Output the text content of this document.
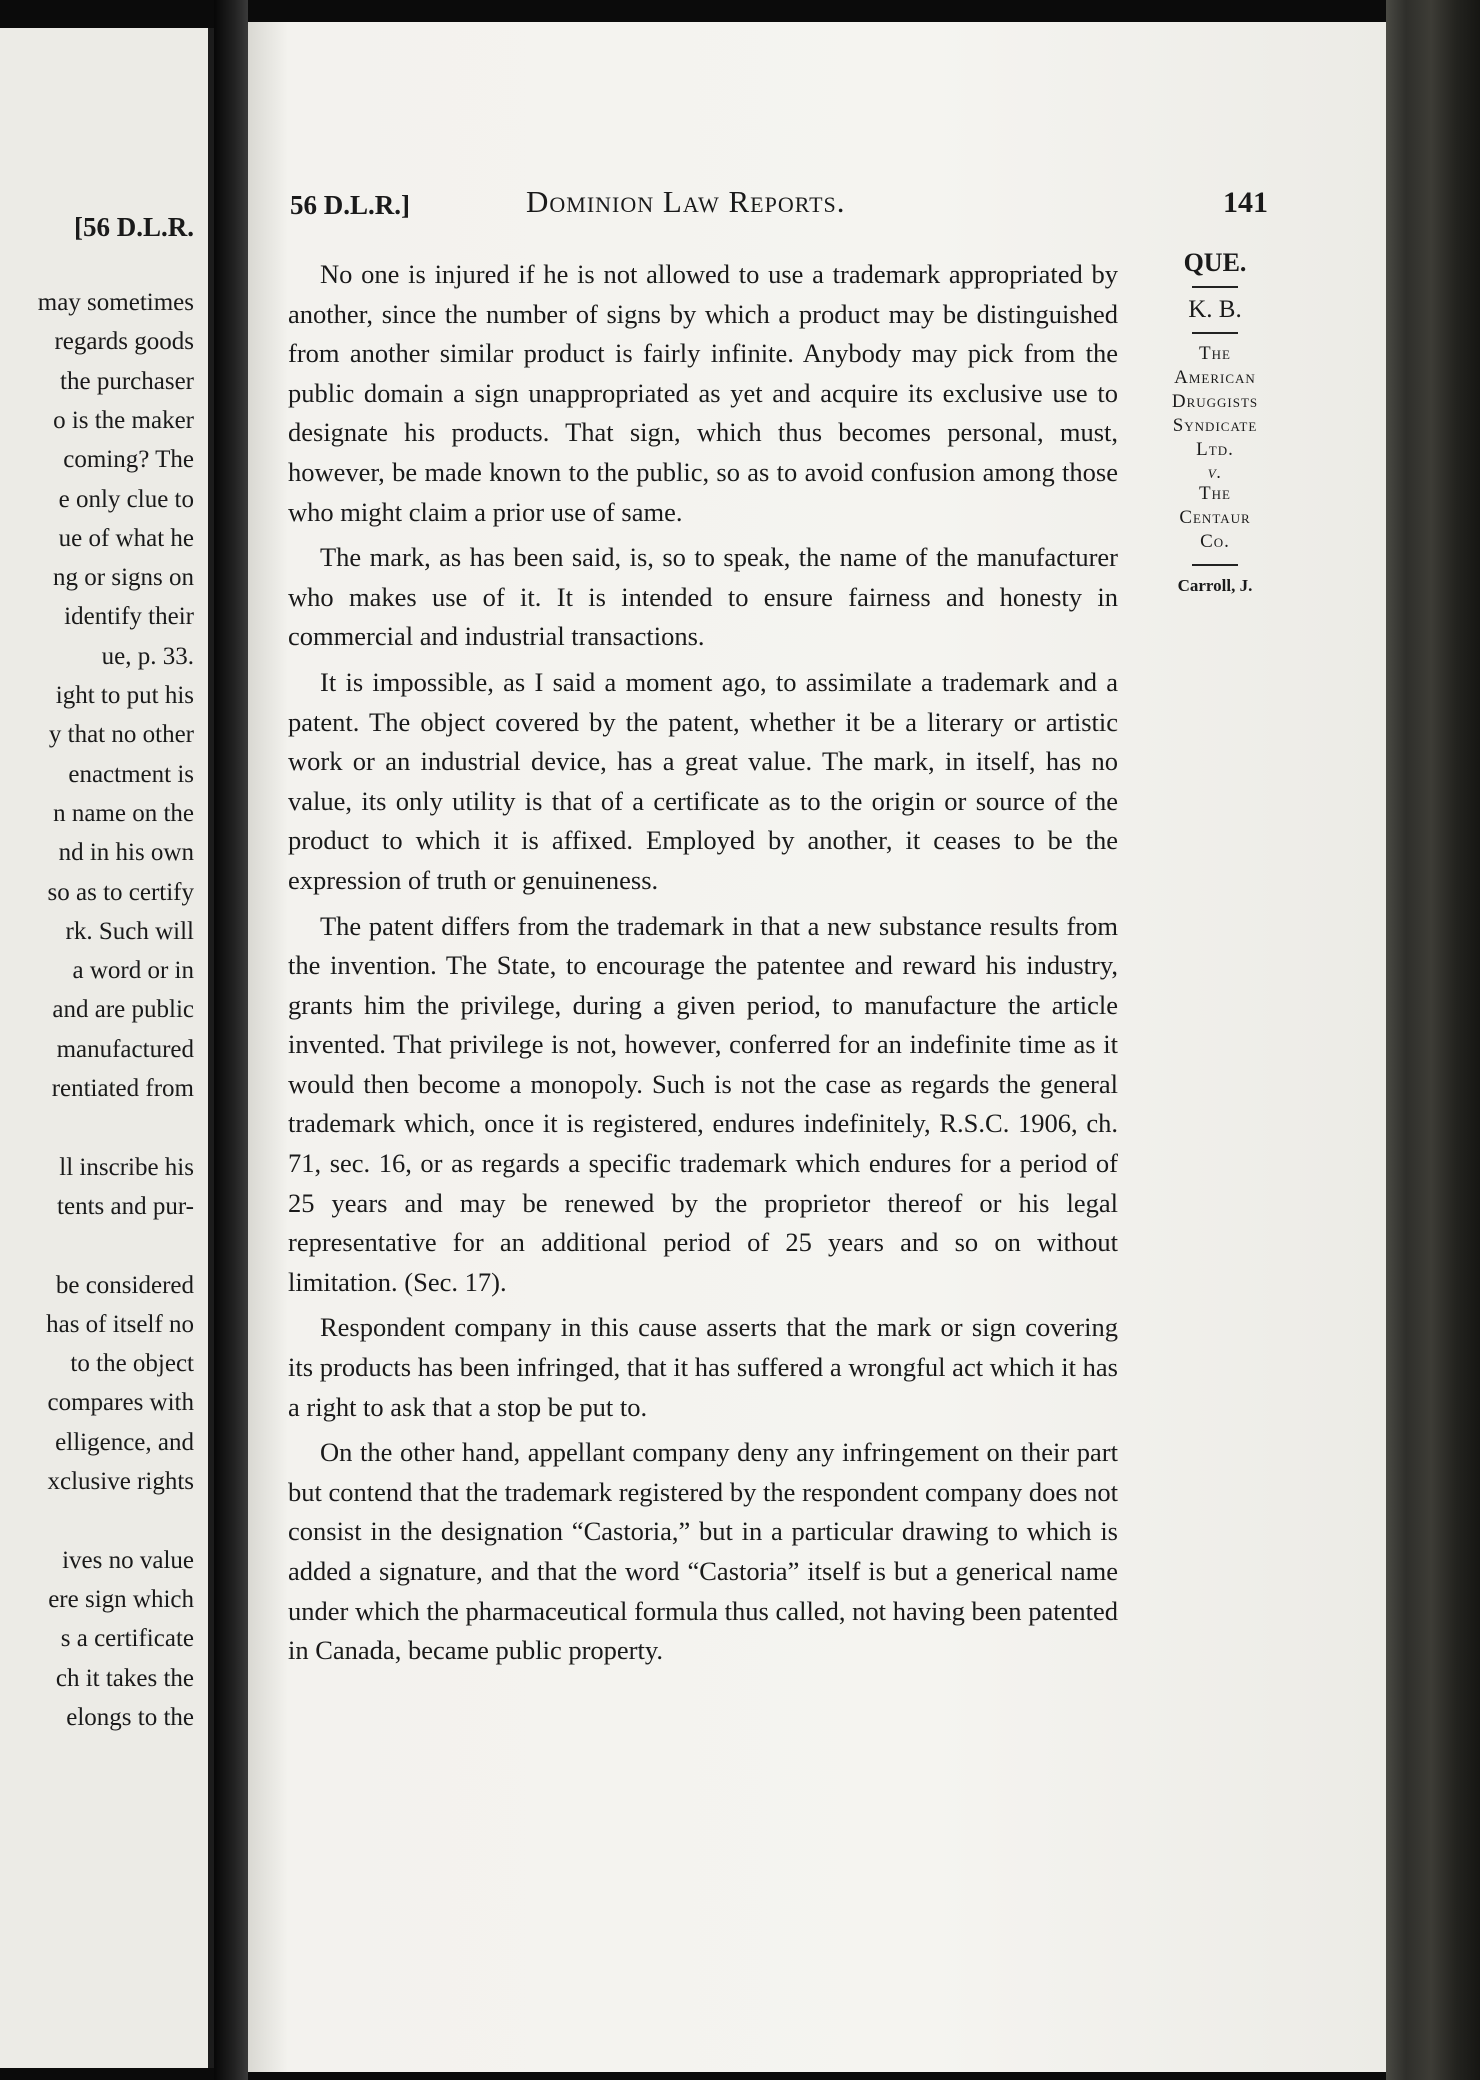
[56 D.L.R.
may sometimes
regards goods
the purchaser
o is the maker
coming? The
e only clue to
ue of what he
ng or signs on
identify their
ue, p. 33.
ight to put his
y that no other
enactment is
n name on the
nd in his own
so as to certify
rk. Such will
a word or in
and are public
manufactured
rentiated from
ll inscribe his
tents and pur-
be considered
has of itself no
to the object
compares with
elligence, and
xclusive rights
ives no value
ere sign which
s a certificate
ch it takes the
elongs to the
56 D.L.R.]	Dominion Law Reports.	141

No one is injured if he is not allowed to use a trademark appropriated by another, since the number of signs by which a product may be distinguished from another similar product is fairly infinite. Anybody may pick from the public domain a sign unappropriated as yet and acquire its exclusive use to designate his products. That sign, which thus becomes personal, must, however, be made known to the public, so as to avoid confusion among those who might claim a prior use of same.

The mark, as has been said, is, so to speak, the name of the manufacturer who makes use of it. It is intended to ensure fairness and honesty in commercial and industrial transactions.

It is impossible, as I said a moment ago, to assimilate a trademark and a patent. The object covered by the patent, whether it be a literary or artistic work or an industrial device, has a great value. The mark, in itself, has no value, its only utility is that of a certificate as to the origin or source of the product to which it is affixed. Employed by another, it ceases to be the expression of truth or genuineness.

The patent differs from the trademark in that a new substance results from the invention. The State, to encourage the patentee and reward his industry, grants him the privilege, during a given period, to manufacture the article invented. That privilege is not, however, conferred for an indefinite time as it would then become a monopoly. Such is not the case as regards the general trademark which, once it is registered, endures indefinitely, R.S.C. 1906, ch. 71, sec. 16, or as regards a specific trademark which endures for a period of 25 years and may be renewed by the proprietor thereof or his legal representative for an additional period of 25 years and so on without limitation. (Sec. 17).

Respondent company in this cause asserts that the mark or sign covering its products has been infringed, that it has suffered a wrongful act which it has a right to ask that a stop be put to.

On the other hand, appellant company deny any infringement on their part but contend that the trademark registered by the respondent company does not consist in the designation “Castoria,” but in a particular drawing to which is added a signature, and that the word “Castoria” itself is but a generical name under which the pharmaceutical formula thus called, not having been patented in Canada, became public property.

QUE.
K. B.
The
American
Druggists
Syndicate
Ltd.
v.
The
Centaur
Co.
Carroll, J.
